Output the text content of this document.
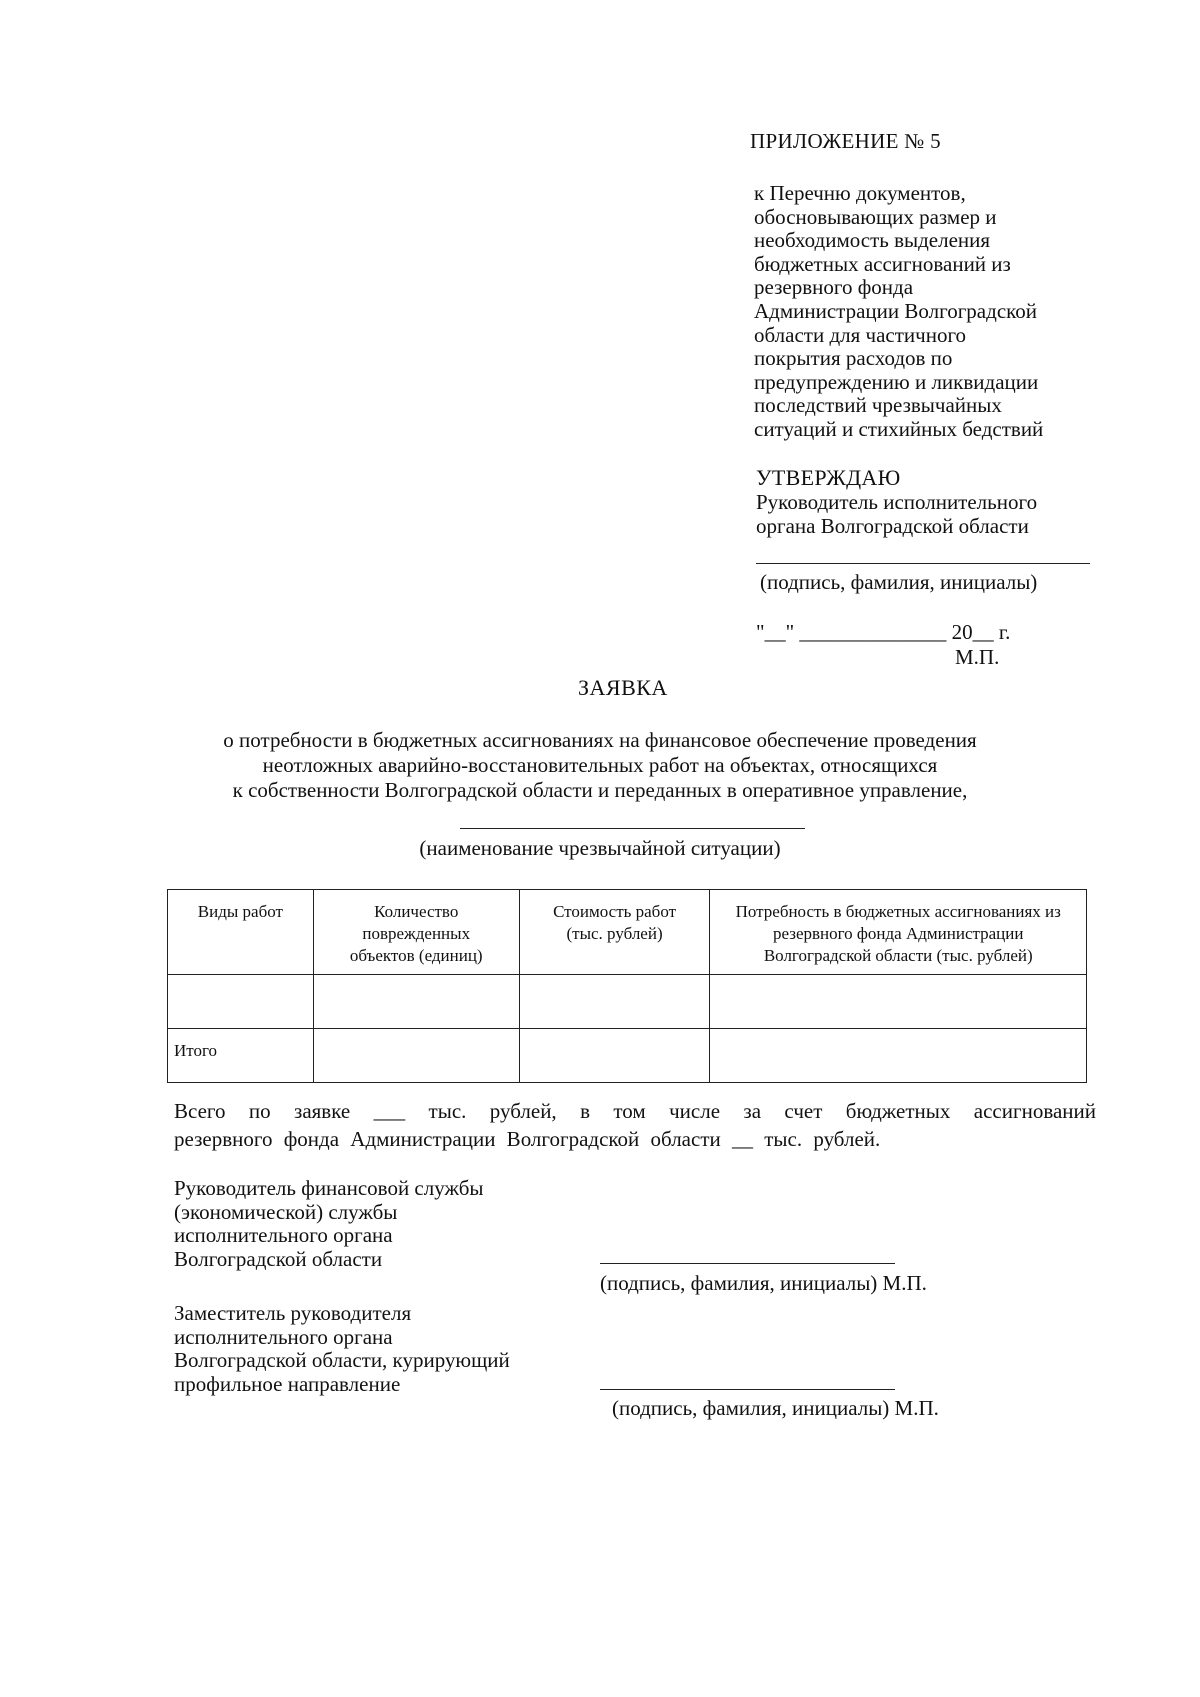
ПРИЛОЖЕНИЕ № 5
к Перечню документов,
обосновывающих размер и
необходимость выделения
бюджетных ассигнований из
резервного фонда
Администрации Волгоградской
области для частичного
покрытия расходов по
предупреждению и ликвидации
последствий чрезвычайных
ситуаций и стихийных бедствий
УТВЕРЖДАЮ
Руководитель исполнительного
органа Волгоградской области
(подпись, фамилия, инициалы)
"__" ______________ 20__ г.
М.П.
ЗАЯВКА
о потребности в бюджетных ассигнованиях на финансовое обеспечение проведения
неотложных аварийно-восстановительных работ на объектах, относящихся
к собственности Волгоградской области и переданных в оперативное управление,
(наименование чрезвычайной ситуации)
Виды работ	Количество поврежденных объектов (единиц)	Стоимость работ (тыс. рублей)	Потребность в бюджетных ассигнованиях из резервного фонда Администрации Волгоградской области (тыс. рублей)

Итого			
Всего по заявке ___ тыс. рублей, в том числе за счет бюджетных ассигнований
резервного фонда Администрации Волгоградской области __ тыс. рублей.
Руководитель финансовой службы
(экономической) службы
исполнительного органа
Волгоградской области
(подпись, фамилия, инициалы) М.П.
Заместитель руководителя
исполнительного органа
Волгоградской области, курирующий
профильное направление
(подпись, фамилия, инициалы) М.П.
